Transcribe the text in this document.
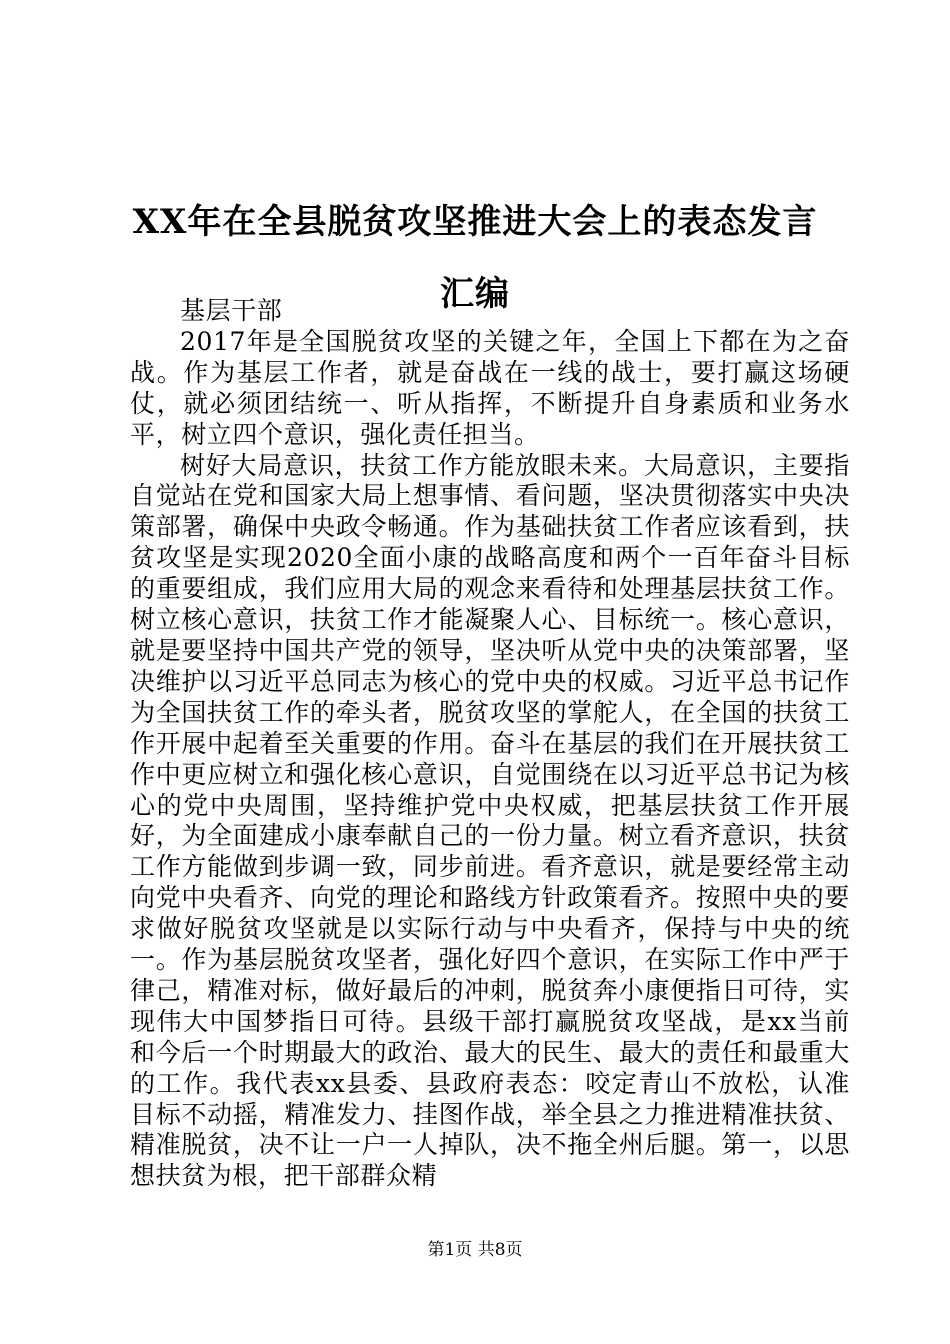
XX年在全县脱贫攻坚推进大会上的表态发言
汇编

基层干部

2017年是全国脱贫攻坚的关键之年，全国上下都在为之奋战。作为基层工作者，就是奋战在一线的战士，要打赢这场硬仗，就必须团结统一、听从指挥，不断提升自身素质和业务水平，树立四个意识，强化责任担当。

树好大局意识，扶贫工作方能放眼未来。大局意识，主要指自觉站在党和国家大局上想事情、看问题，坚决贯彻落实中央决策部署，确保中央政令畅通。作为基础扶贫工作者应该看到，扶贫攻坚是实现2020全面小康的战略高度和两个一百年奋斗目标的重要组成，我们应用大局的观念来看待和处理基层扶贫工作。树立核心意识，扶贫工作才能凝聚人心、目标统一。核心意识，就是要坚持中国共产党的领导，坚决听从党中央的决策部署，坚决维护以习近平总同志为核心的党中央的权威。习近平总书记作为全国扶贫工作的牵头者，脱贫攻坚的掌舵人，在全国的扶贫工作开展中起着至关重要的作用。奋斗在基层的我们在开展扶贫工作中更应树立和强化核心意识，自觉围绕在以习近平总书记为核心的党中央周围，坚持维护党中央权威，把基层扶贫工作开展好，为全面建成小康奉献自己的一份力量。树立看齐意识，扶贫工作方能做到步调一致，同步前进。看齐意识，就是要经常主动向党中央看齐、向党的理论和路线方针政策看齐。按照中央的要求做好脱贫攻坚就是以实际行动与中央看齐，保持与中央的统一。作为基层脱贫攻坚者，强化好四个意识，在实际工作中严于律己，精准对标，做好最后的冲刺，脱贫奔小康便指日可待，实现伟大中国梦指日可待。县级干部打赢脱贫攻坚战，是xx当前和今后一个时期最大的政治、最大的民生、最大的责任和最重大的工作。我代表xx县委、县政府表态：咬定青山不放松，认准目标不动摇，精准发力、挂图作战，举全县之力推进精准扶贫、精准脱贫，决不让一户一人掉队，决不拖全州后腿。第一，以思想扶贫为根，把干部群众精

第1页 共8页
